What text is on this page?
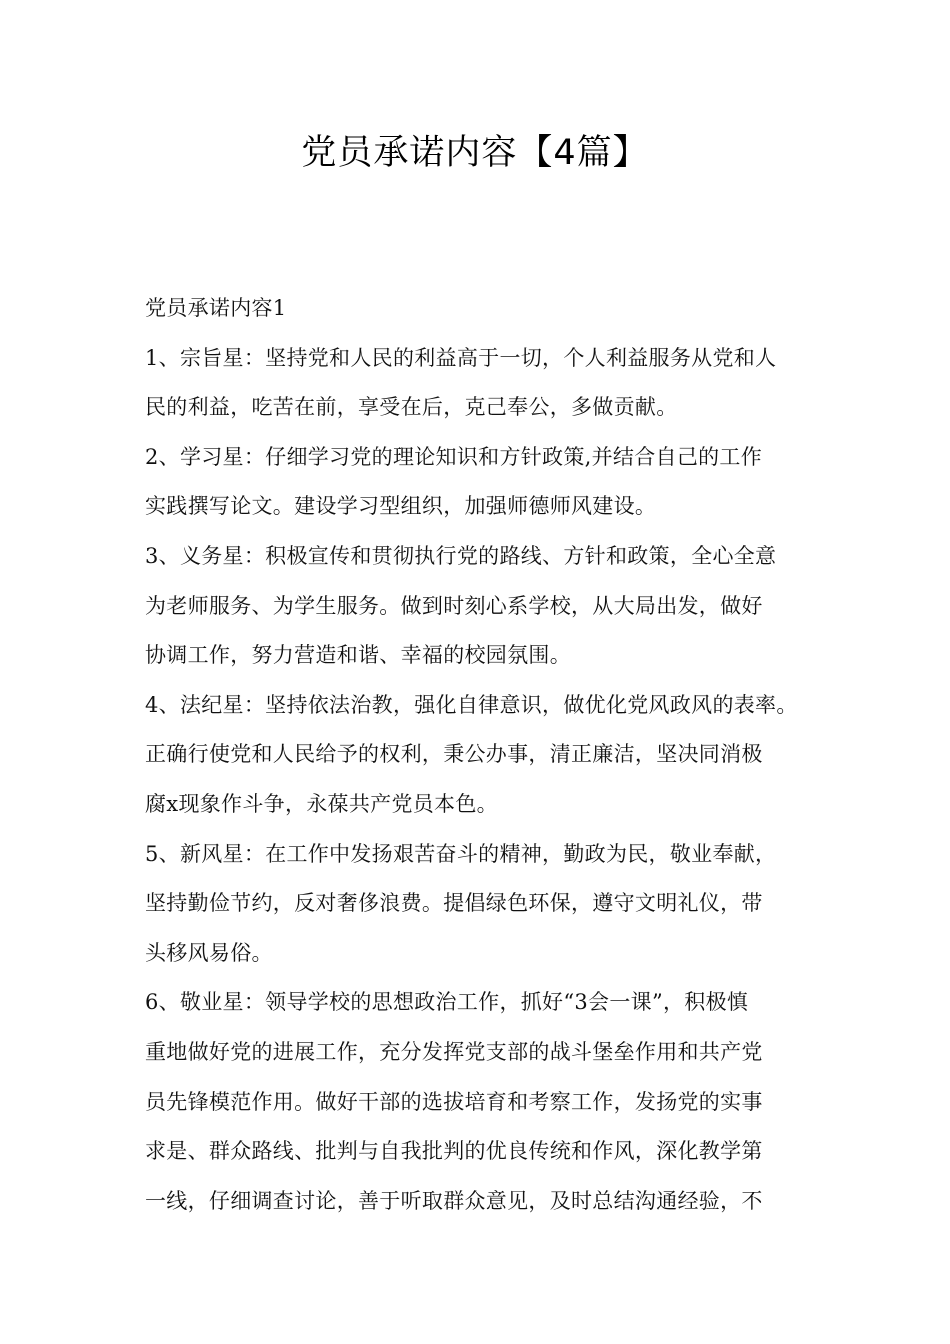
党员承诺内容【4篇】
党员承诺内容1
1、宗旨星：坚持党和人民的利益高于一切，个人利益服务从党和人
民的利益，吃苦在前，享受在后，克己奉公，多做贡献。
2、学习星：仔细学习党的理论知识和方针政策,并结合自己的工作
实践撰写论文。建设学习型组织，加强师德师风建设。
3、义务星：积极宣传和贯彻执行党的路线、方针和政策，全心全意
为老师服务、为学生服务。做到时刻心系学校，从大局出发，做好
协调工作，努力营造和谐、幸福的校园氛围。
4、法纪星：坚持依法治教，强化自律意识，做优化党风政风的表率。
正确行使党和人民给予的权利，秉公办事，清正廉洁，坚决同消极
腐x现象作斗争，永葆共产党员本色。
5、新风星：在工作中发扬艰苦奋斗的精神，勤政为民，敬业奉献，
坚持勤俭节约，反对奢侈浪费。提倡绿色环保，遵守文明礼仪，带
头移风易俗。
6、敬业星：领导学校的思想政治工作，抓好“3会一课”，积极慎
重地做好党的进展工作，充分发挥党支部的战斗堡垒作用和共产党
员先锋模范作用。做好干部的选拔培育和考察工作，发扬党的实事
求是、群众路线、批判与自我批判的优良传统和作风，深化教学第
一线，仔细调查讨论，善于听取群众意见，及时总结沟通经验，不
